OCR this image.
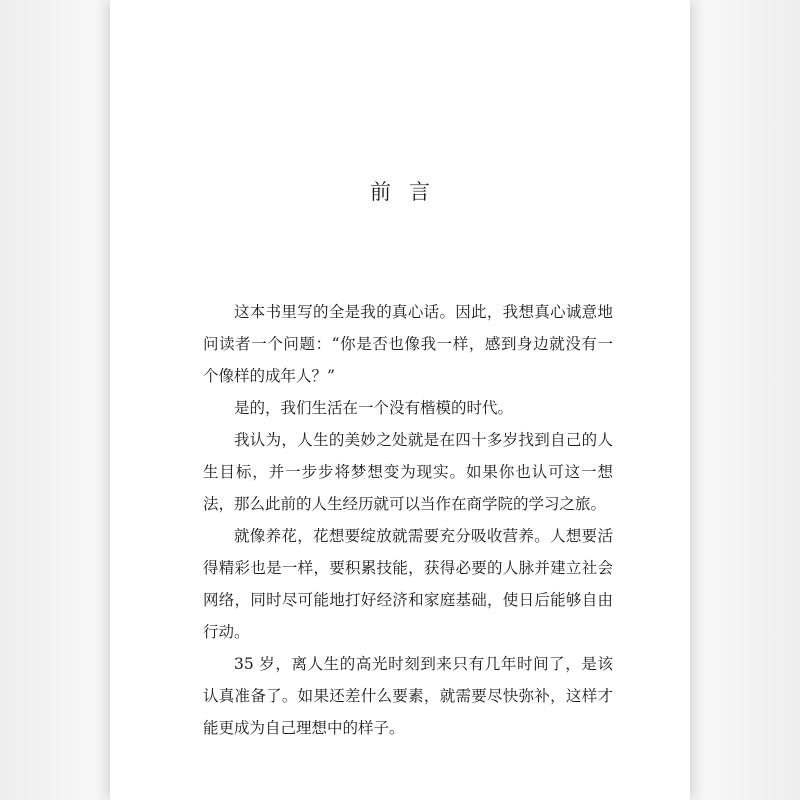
前言

这本书里写的全是我的真心话。因此，我想真心诚意地问读者一个问题：“你是否也像我一样，感到身边就没有一个像样的成年人？”

是的，我们生活在一个没有楷模的时代。

我认为，人生的美妙之处就是在四十多岁找到自己的人生目标，并一步步将梦想变为现实。如果你也认可这一想法，那么此前的人生经历就可以当作在商学院的学习之旅。

就像养花，花想要绽放就需要充分吸收营养。人想要活得精彩也是一样，要积累技能，获得必要的人脉并建立社会网络，同时尽可能地打好经济和家庭基础，使日后能够自由行动。

35 岁，离人生的高光时刻到来只有几年时间了，是该认真准备了。如果还差什么要素，就需要尽快弥补，这样才能更成为自己理想中的样子。
